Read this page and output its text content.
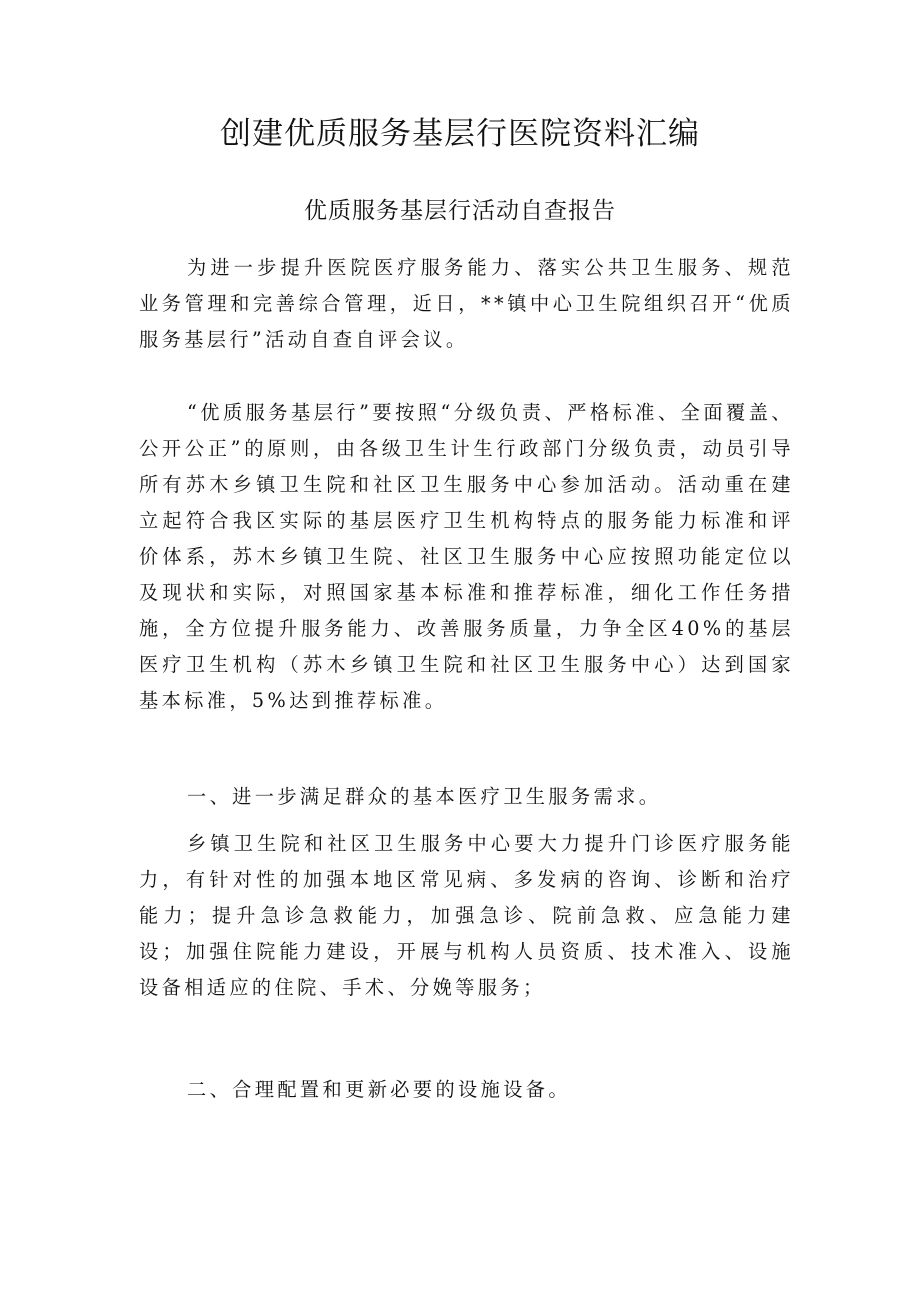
创建优质服务基层行医院资料汇编
优质服务基层行活动自查报告

为进一步提升医院医疗服务能力、落实公共卫生服务、规范业务管理和完善综合管理，近日，**镇中心卫生院组织召开“优质服务基层行”活动自查自评会议。

“优质服务基层行”要按照“分级负责、严格标准、全面覆盖、公开公正”的原则，由各级卫生计生行政部门分级负责，动员引导所有苏木乡镇卫生院和社区卫生服务中心参加活动。活动重在建立起符合我区实际的基层医疗卫生机构特点的服务能力标准和评价体系，苏木乡镇卫生院、社区卫生服务中心应按照功能定位以及现状和实际，对照国家基本标准和推荐标准，细化工作任务措施，全方位提升服务能力、改善服务质量，力争全区40%的基层医疗卫生机构（苏木乡镇卫生院和社区卫生服务中心）达到国家基本标准，5%达到推荐标准。

一、进一步满足群众的基本医疗卫生服务需求。

乡镇卫生院和社区卫生服务中心要大力提升门诊医疗服务能力，有针对性的加强本地区常见病、多发病的咨询、诊断和治疗能力；提升急诊急救能力，加强急诊、院前急救、应急能力建设；加强住院能力建设，开展与机构人员资质、技术准入、设施设备相适应的住院、手术、分娩等服务；

二、合理配置和更新必要的设施设备。
